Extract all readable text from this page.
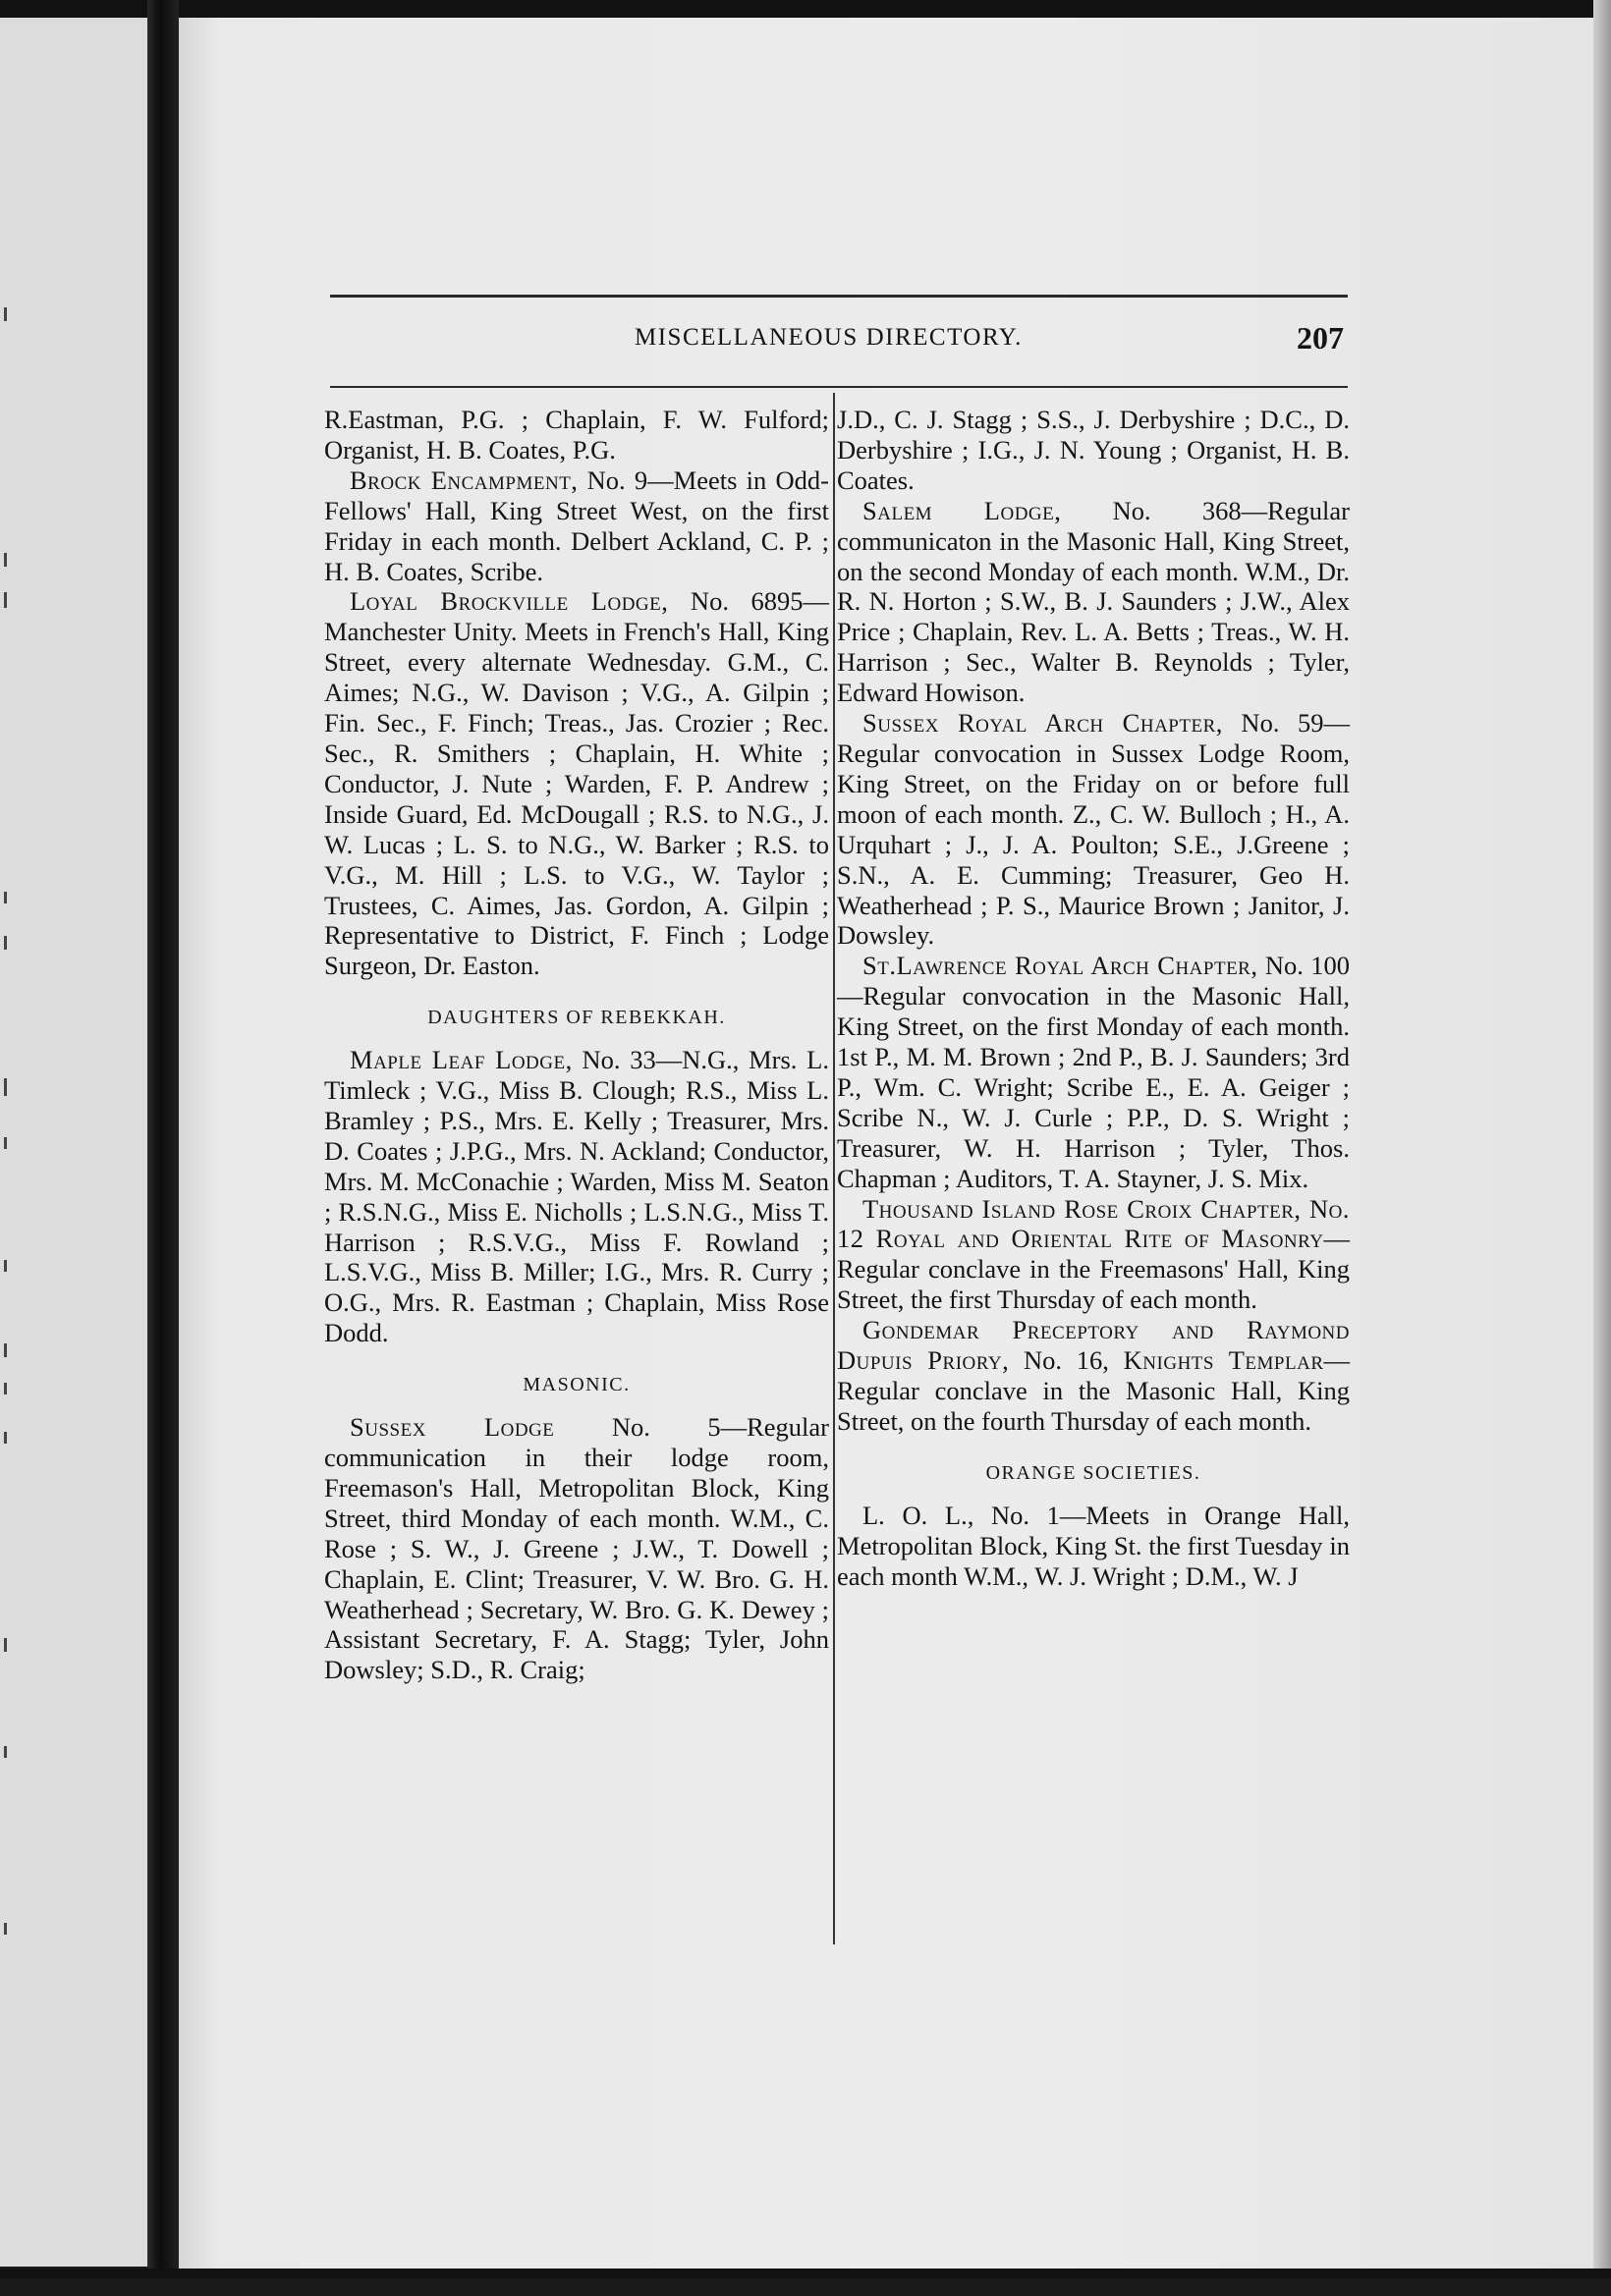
MISCELLANEOUS DIRECTORY.	207

R.Eastman, P.G. ; Chaplain, F. W. Fulford; Organist, H. B. Coates, P.G.

Brock Encampment, No. 9—Meets in Odd-Fellows' Hall, King Street West, on the first Friday in each month. Delbert Ackland, C. P. ; H. B. Coates, Scribe.

Loyal Brockville Lodge, No. 6895—Manchester Unity. Meets in French's Hall, King Street, every alternate Wednesday. G.M., C. Aimes; N.G., W. Davison ; V.G., A. Gilpin ; Fin. Sec., F. Finch; Treas., Jas. Crozier ; Rec. Sec., R. Smithers ; Chaplain, H. White ; Conductor, J. Nute ; Warden, F. P. Andrew ; Inside Guard, Ed. McDougall ; R.S. to N.G., J. W. Lucas ; L. S. to N.G., W. Barker ; R.S. to V.G., M. Hill ; L.S. to V.G., W. Taylor ; Trustees, C. Aimes, Jas. Gordon, A. Gilpin ; Representative to District, F. Finch ; Lodge Surgeon, Dr. Easton.

DAUGHTERS OF REBEKKAH.

Maple Leaf Lodge, No. 33—N.G., Mrs. L. Timleck ; V.G., Miss B. Clough; R.S., Miss L. Bramley ; P.S., Mrs. E. Kelly ; Treasurer, Mrs. D. Coates ; J.P.G., Mrs. N. Ackland; Conductor, Mrs. M. McConachie ; Warden, Miss M. Seaton ; R.S.N.G., Miss E. Nicholls ; L.S.N.G., Miss T. Harrison ; R.S.V.G., Miss F. Rowland ; L.S.V.G., Miss B. Miller; I.G., Mrs. R. Curry ; O.G., Mrs. R. Eastman ; Chaplain, Miss Rose Dodd.

MASONIC.

Sussex Lodge No. 5—Regular communication in their lodge room, Freemason's Hall, Metropolitan Block, King Street, third Monday of each month. W.M., C. Rose ; S. W., J. Greene ; J.W., T. Dowell ; Chaplain, E. Clint; Treasurer, V. W. Bro. G. H. Weatherhead ; Secretary, W. Bro. G. K. Dewey ; Assistant Secretary, F. A. Stagg; Tyler, John Dowsley; S.D., R. Craig;

J.D., C. J. Stagg ; S.S., J. Derbyshire ; D.C., D. Derbyshire ; I.G., J. N. Young ; Organist, H. B. Coates.

Salem Lodge, No. 368—Regular communicaton in the Masonic Hall, King Street, on the second Monday of each month. W.M., Dr. R. N. Horton ; S.W., B. J. Saunders ; J.W., Alex Price ; Chaplain, Rev. L. A. Betts ; Treas., W. H. Harrison ; Sec., Walter B. Reynolds ; Tyler, Edward Howison.

Sussex Royal Arch Chapter, No. 59—Regular convocation in Sussex Lodge Room, King Street, on the Friday on or before full moon of each month. Z., C. W. Bulloch ; H., A. Urquhart ; J., J. A. Poulton; S.E., J.Greene ; S.N., A. E. Cumming; Treasurer, Geo H. Weatherhead ; P. S., Maurice Brown ; Janitor, J. Dowsley.

St.Lawrence Royal Arch Chapter, No. 100—Regular convocation in the Masonic Hall, King Street, on the first Monday of each month. 1st P., M. M. Brown ; 2nd P., B. J. Saunders; 3rd P., Wm. C. Wright; Scribe E., E. A. Geiger ; Scribe N., W. J. Curle ; P.P., D. S. Wright ; Treasurer, W. H. Harrison ; Tyler, Thos. Chapman ; Auditors, T. A. Stayner, J. S. Mix.

Thousand Island Rose Croix Chapter, No. 12 Royal and Oriental Rite of Masonry—Regular conclave in the Freemasons' Hall, King Street, the first Thursday of each month.

Gondemar Preceptory and Raymond Dupuis Priory, No. 16, Knights Templar—Regular conclave in the Masonic Hall, King Street, on the fourth Thursday of each month.

ORANGE SOCIETIES.

L. O. L., No. 1—Meets in Orange Hall, Metropolitan Block, King St. the first Tuesday in each month W.M., W. J. Wright ; D.M., W. J
